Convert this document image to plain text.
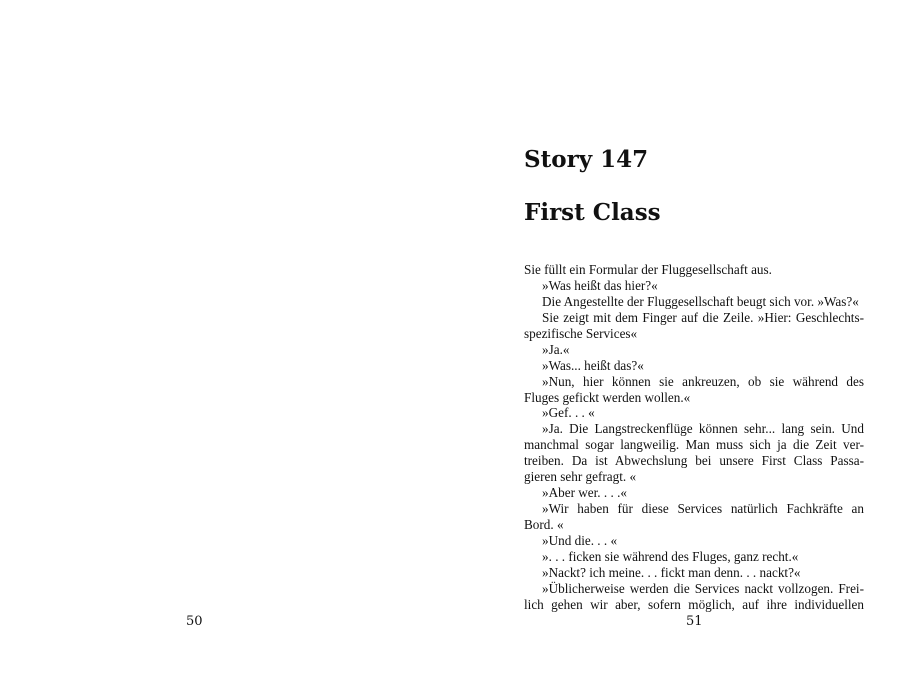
50
Story 147
First Class
Sie füllt ein Formular der Fluggesellschaft aus.
»Was heißt das hier?«
Die Angestellte der Fluggesellschaft beugt sich vor. »Was?«
Sie zeigt mit dem Finger auf die Zeile. »Hier: Geschlechts-
spezifische Services«
»Ja.«
»Was... heißt das?«
»Nun, hier können sie ankreuzen, ob sie während des
Fluges gefickt werden wollen.«
»Gef. . . «
»Ja. Die Langstreckenflüge können sehr... lang sein. Und
manchmal sogar langweilig. Man muss sich ja die Zeit ver-
treiben. Da ist Abwechslung bei unsere First Class Passa-
gieren sehr gefragt. «
»Aber wer. . . .«
»Wir haben für diese Services natürlich Fachkräfte an
Bord. «
»Und die. . . «
». . . ficken sie während des Fluges, ganz recht.«
»Nackt? ich meine. . . fickt man denn. . . nackt?«
»Üblicherweise werden die Services nackt vollzogen. Frei-
lich gehen wir aber, sofern möglich, auf ihre individuellen
51
